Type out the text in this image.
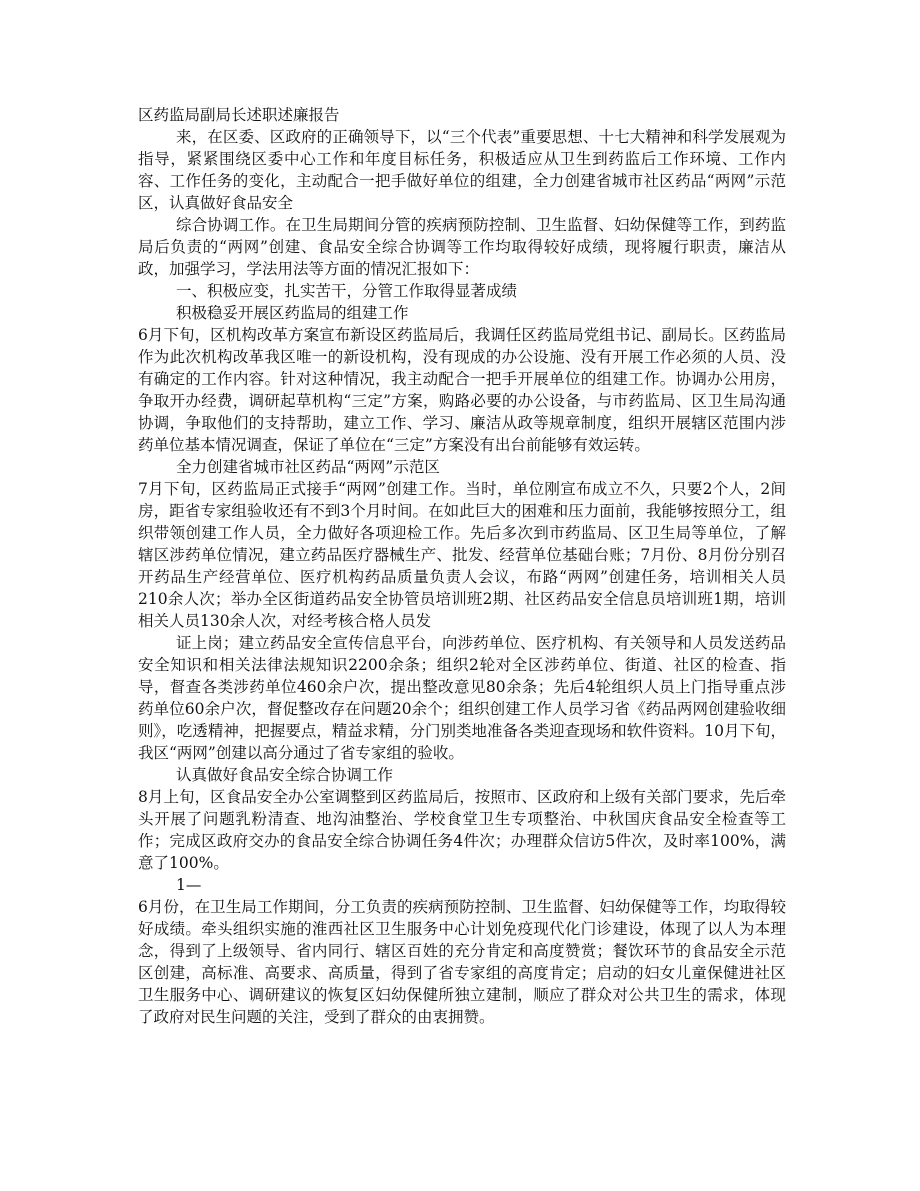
区药监局副局长述职述廉报告

来，在区委、区政府的正确领导下，以“三个代表”重要思想、十七大精神和科学发展观为指导，紧紧围绕区委中心工作和年度目标任务，积极适应从卫生到药监后工作环境、工作内容、工作任务的变化，主动配合一把手做好单位的组建，全力创建省城市社区药品“两网”示范区，认真做好食品安全

综合协调工作。在卫生局期间分管的疾病预防控制、卫生监督、妇幼保健等工作，到药监局后负责的“两网”创建、食品安全综合协调等工作均取得较好成绩，现将履行职责，廉洁从政，加强学习，学法用法等方面的情况汇报如下：

一、积极应变，扎实苦干，分管工作取得显著成绩

积极稳妥开展区药监局的组建工作

6月下旬，区机构改革方案宣布新设区药监局后，我调任区药监局党组书记、副局长。区药监局作为此次机构改革我区唯一的新设机构，没有现成的办公设施、没有开展工作必须的人员、没有确定的工作内容。针对这种情况，我主动配合一把手开展单位的组建工作。协调办公用房，争取开办经费，调研起草机构“三定”方案，购路必要的办公设备，与市药监局、区卫生局沟通协调，争取他们的支持帮助，建立工作、学习、廉洁从政等规章制度，组织开展辖区范围内涉药单位基本情况调查，保证了单位在“三定”方案没有出台前能够有效运转。

全力创建省城市社区药品“两网”示范区

7月下旬，区药监局正式接手“两网”创建工作。当时，单位刚宣布成立不久，只要2个人，2间房，距省专家组验收还有不到3个月时间。在如此巨大的困难和压力面前，我能够按照分工，组织带领创建工作人员，全力做好各项迎检工作。先后多次到市药监局、区卫生局等单位，了解辖区涉药单位情况，建立药品医疗器械生产、批发、经营单位基础台账；7月份、8月份分别召开药品生产经营单位、医疗机构药品质量负责人会议，布路“两网”创建任务，培训相关人员210余人次；举办全区街道药品安全协管员培训班2期、社区药品安全信息员培训班1期，培训相关人员130余人次，对经考核合格人员发

证上岗；建立药品安全宣传信息平台，向涉药单位、医疗机构、有关领导和人员发送药品安全知识和相关法律法规知识2200余条；组织2轮对全区涉药单位、街道、社区的检查、指导，督查各类涉药单位460余户次，提出整改意见80余条；先后4轮组织人员上门指导重点涉药单位60余户次，督促整改存在问题20余个；组织创建工作人员学习省《药品两网创建验收细则》，吃透精神，把握要点，精益求精，分门别类地准备各类迎查现场和软件资料。10月下旬，我区“两网”创建以高分通过了省专家组的验收。

认真做好食品安全综合协调工作

8月上旬，区食品安全办公室调整到区药监局后，按照市、区政府和上级有关部门要求，先后牵头开展了问题乳粉清查、地沟油整治、学校食堂卫生专项整治、中秋国庆食品安全检查等工作；完成区政府交办的食品安全综合协调任务4件次；办理群众信访5件次，及时率100%，满意了100%。

1—

6月份，在卫生局工作期间，分工负责的疾病预防控制、卫生监督、妇幼保健等工作，均取得较好成绩。牵头组织实施的淮西社区卫生服务中心计划免疫现代化门诊建设，体现了以人为本理念，得到了上级领导、省内同行、辖区百姓的充分肯定和高度赞赏；餐饮环节的食品安全示范区创建，高标准、高要求、高质量，得到了省专家组的高度肯定；启动的妇女儿童保健进社区卫生服务中心、调研建议的恢复区妇幼保健所独立建制，顺应了群众对公共卫生的需求，体现了政府对民生问题的关注，受到了群众的由衷拥赞。
